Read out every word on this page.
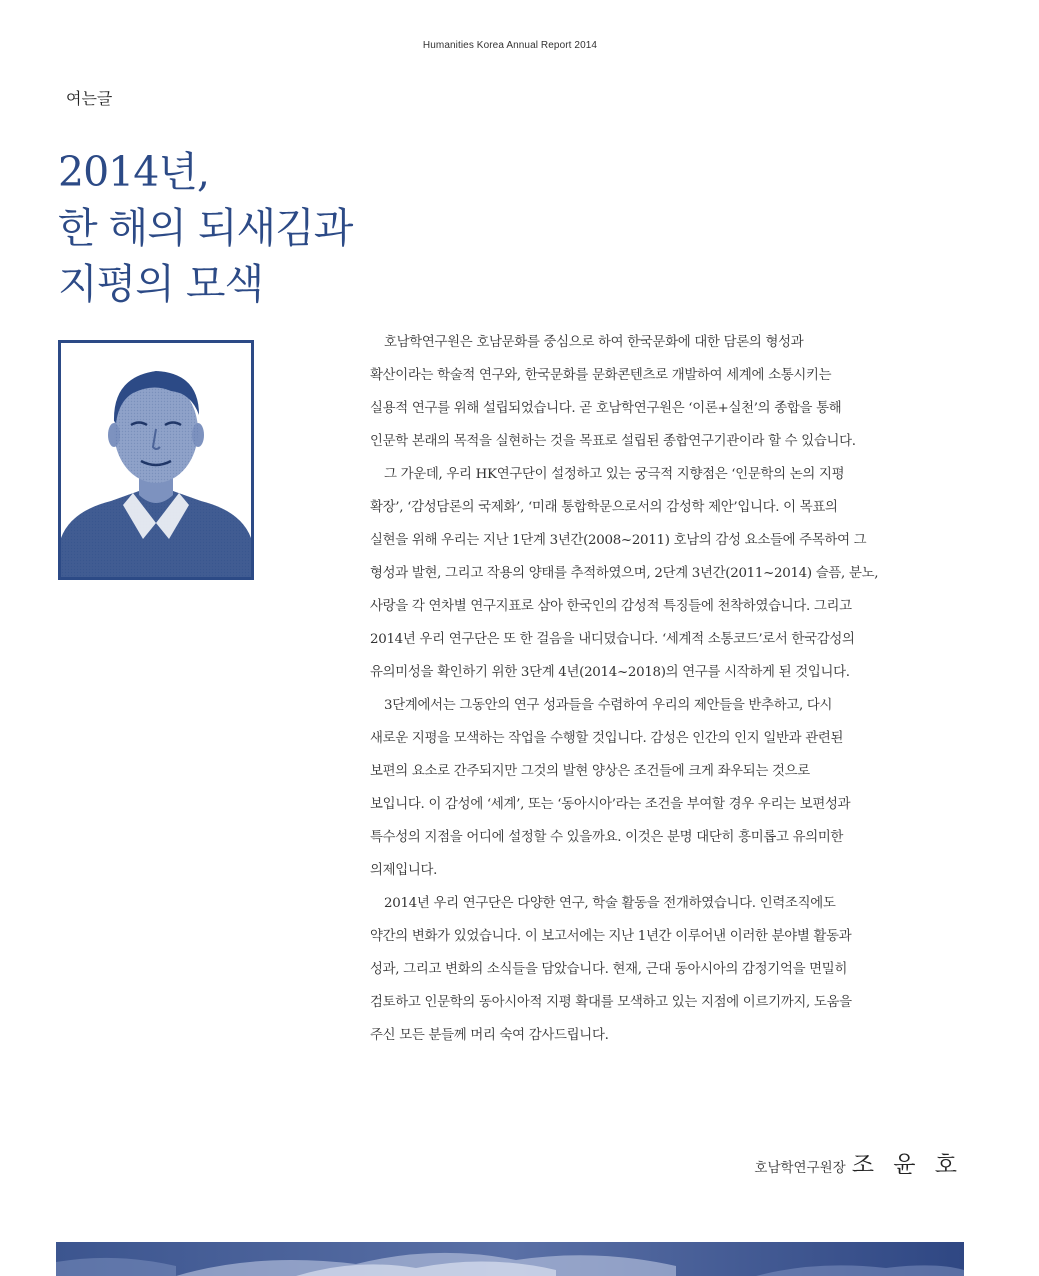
Humanities Korea Annual Report 2014
여는글
2014년,
한 해의 되새김과
지평의 모색
호남학연구원은 호남문화를 중심으로 하여 한국문화에 대한 담론의 형성과
확산이라는 학술적 연구와, 한국문화를 문화콘텐츠로 개발하여 세계에 소통시키는
실용적 연구를 위해 설립되었습니다. 곧 호남학연구원은 ‘이론+실천’의 종합을 통해
인문학 본래의 목적을 실현하는 것을 목표로 설립된 종합연구기관이라 할 수 있습니다.
그 가운데, 우리 HK연구단이 설정하고 있는 궁극적 지향점은 ‘인문학의 논의 지평
확장’, ‘감성담론의 국제화’, ‘미래 통합학문으로서의 감성학 제안’입니다. 이 목표의
실현을 위해 우리는 지난 1단계 3년간(2008~2011) 호남의 감성 요소들에 주목하여 그
형성과 발현, 그리고 작용의 양태를 추적하였으며, 2단계 3년간(2011~2014) 슬픔, 분노,
사랑을 각 연차별 연구지표로 삼아 한국인의 감성적 특징들에 천착하였습니다. 그리고
2014년 우리 연구단은 또 한 걸음을 내디뎠습니다. ‘세계적 소통코드’로서 한국감성의
유의미성을 확인하기 위한 3단계 4년(2014~2018)의 연구를 시작하게 된 것입니다.
3단계에서는 그동안의 연구 성과들을 수렴하여 우리의 제안들을 반추하고, 다시
새로운 지평을 모색하는 작업을 수행할 것입니다. 감성은 인간의 인지 일반과 관련된
보편의 요소로 간주되지만 그것의 발현 양상은 조건들에 크게 좌우되는 것으로
보입니다. 이 감성에 ‘세계’, 또는 ‘동아시아’라는 조건을 부여할 경우 우리는 보편성과
특수성의 지점을 어디에 설정할 수 있을까요. 이것은 분명 대단히 흥미롭고 유의미한
의제입니다.
2014년 우리 연구단은 다양한 연구, 학술 활동을 전개하였습니다. 인력조직에도
약간의 변화가 있었습니다. 이 보고서에는 지난 1년간 이루어낸 이러한 분야별 활동과
성과, 그리고 변화의 소식들을 담았습니다. 현재, 근대 동아시아의 감정기억을 면밀히
검토하고 인문학의 동아시아적 지평 확대를 모색하고 있는 지점에 이르기까지, 도움을
주신 모든 분들께 머리 숙여 감사드립니다.
호남학연구원장 조 윤 호
